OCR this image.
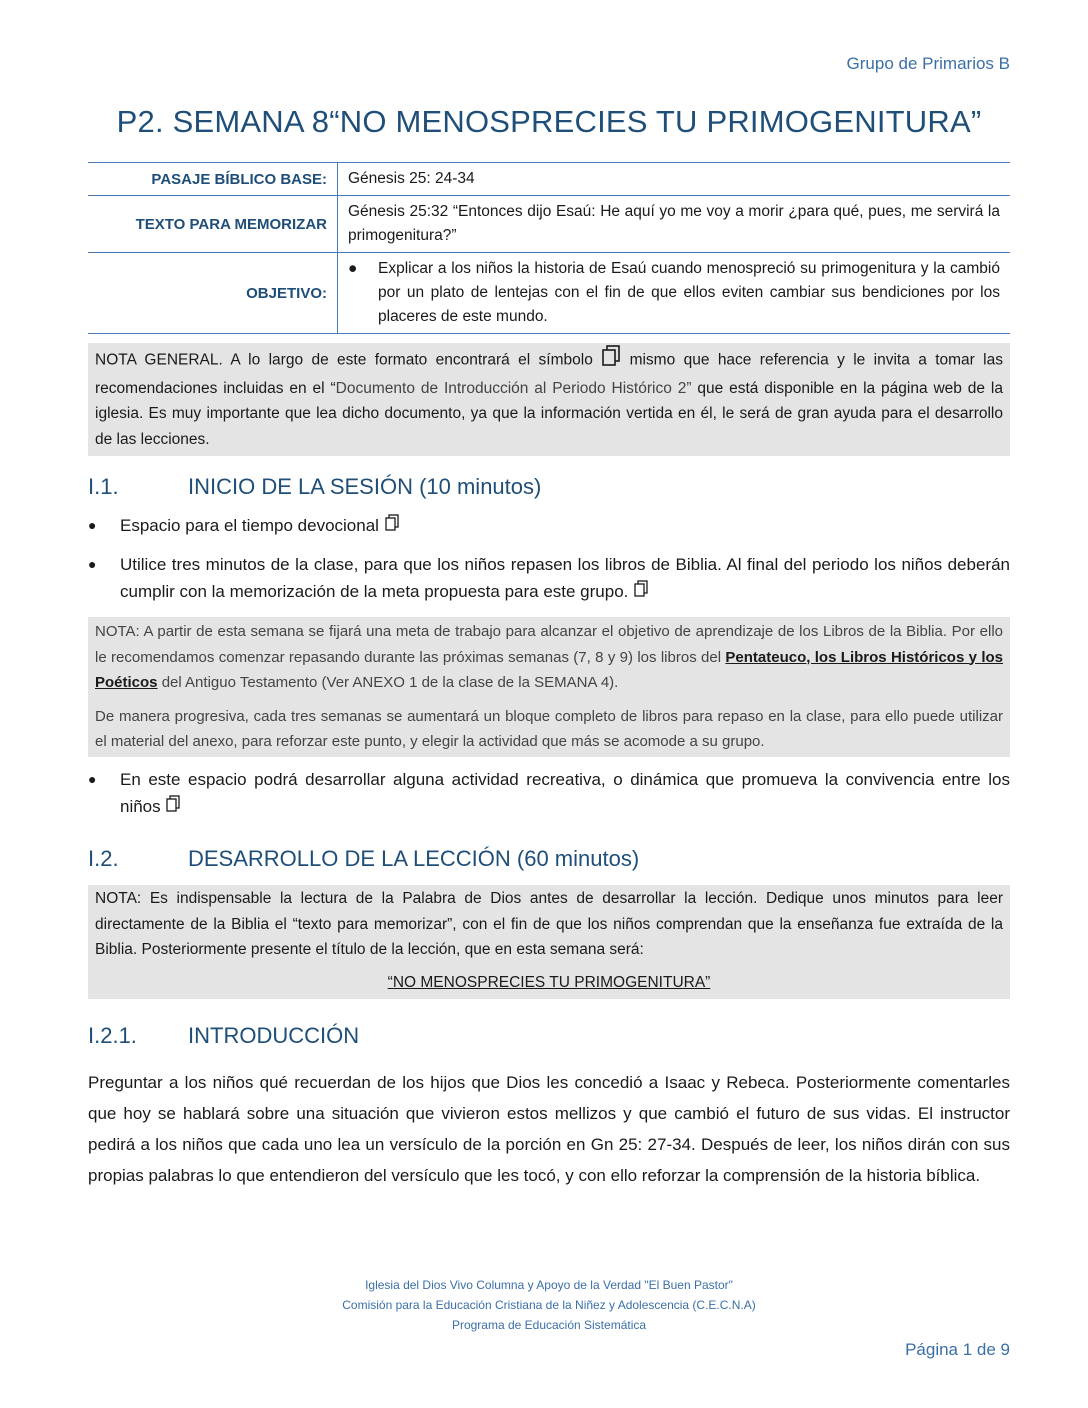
Grupo de Primarios B
P2. SEMANA 8“NO MENOSPRECIES TU PRIMOGENITURA”
PASAJE BÍBLICO BASE:	Génesis 25: 24-34
TEXTO PARA MEMORIZAR	Génesis 25:32 “Entonces dijo Esaú: He aquí yo me voy a morir ¿para qué, pues, me servirá la primogenitura?”
OBJETIVO:	● Explicar a los niños la historia de Esaú cuando menospreció su primogenitura y la cambió por un plato de lentejas con el fin de que ellos eviten cambiar sus bendiciones por los placeres de este mundo.
NOTA GENERAL. A lo largo de este formato encontrará el símbolo mismo que hace referencia y le invita a tomar las recomendaciones incluidas en el “Documento de Introducción al Periodo Histórico 2” que está disponible en la página web de la iglesia. Es muy importante que lea dicho documento, ya que la información vertida en él, le será de gran ayuda para el desarrollo de las lecciones.
I.1.	INICIO DE LA SESIÓN (10 minutos)
●	Espacio para el tiempo devocional
●	Utilice tres minutos de la clase, para que los niños repasen los libros de Biblia. Al final del periodo los niños deberán cumplir con la memorización de la meta propuesta para este grupo.

NOTA: A partir de esta semana se fijará una meta de trabajo para alcanzar el objetivo de aprendizaje de los Libros de la Biblia. Por ello le recomendamos comenzar repasando durante las próximas semanas (7, 8 y 9) los libros del Pentateuco, los Libros Históricos y los Poéticos del Antiguo Testamento (Ver ANEXO 1 de la clase de la SEMANA 4).

De manera progresiva, cada tres semanas se aumentará un bloque completo de libros para repaso en la clase, para ello puede utilizar el material del anexo, para reforzar este punto, y elegir la actividad que más se acomode a su grupo.

●	En este espacio podrá desarrollar alguna actividad recreativa, o dinámica que promueva la convivencia entre los niños
I.2.	DESARROLLO DE LA LECCIÓN (60 minutos)
NOTA: Es indispensable la lectura de la Palabra de Dios antes de desarrollar la lección. Dedique unos minutos para leer directamente de la Biblia el “texto para memorizar”, con el fin de que los niños comprendan que la enseñanza fue extraída de la Biblia. Posteriormente presente el título de la lección, que en esta semana será:
“NO MENOSPRECIES TU PRIMOGENITURA”
I.2.1. INTRODUCCIÓN
Preguntar a los niños qué recuerdan de los hijos que Dios les concedió a Isaac y Rebeca. Posteriormente comentarles que hoy se hablará sobre una situación que vivieron estos mellizos y que cambió el futuro de sus vidas. El instructor pedirá a los niños que cada uno lea un versículo de la porción en Gn 25: 27-34. Después de leer, los niños dirán con sus propias palabras lo que entendieron del versículo que les tocó, y con ello reforzar la comprensión de la historia bíblica.
Iglesia del Dios Vivo Columna y Apoyo de la Verdad "El Buen Pastor"
Comisión para la Educación Cristiana de la Niñez y Adolescencia (C.E.C.N.A)
Programa de Educación Sistemática
Página 1 de 9
